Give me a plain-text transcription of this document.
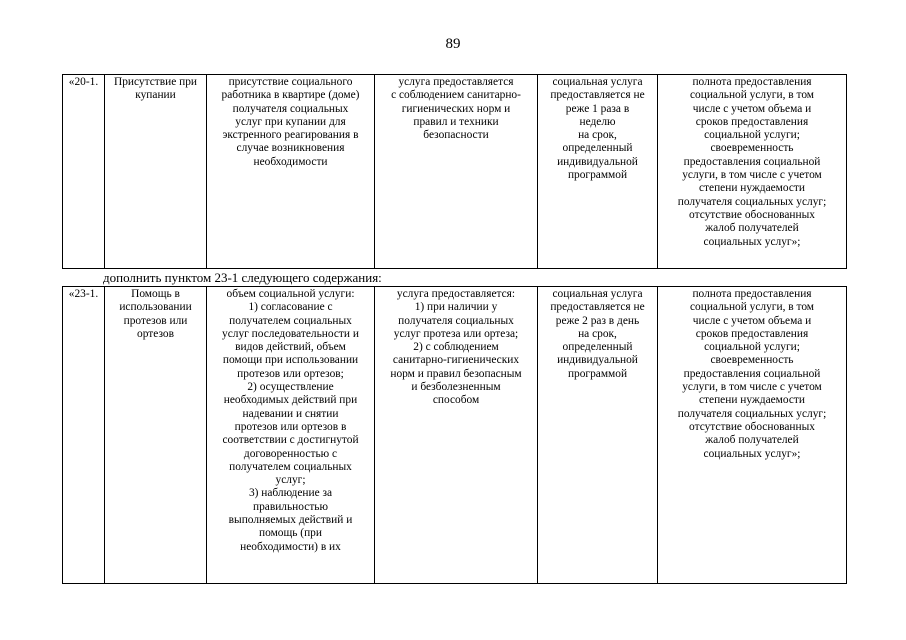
89
«20-1.	Присутствие при
купании

присутствие социального
работника в квартире (доме)
получателя социальных
услуг при купании для
экстренного реагирования в
случае возникновения
необходимости

услуга предоставляется
с соблюдением санитарно-
гигиенических норм и
правил и техники
безопасности

социальная услуга
предоставляется не
реже 1 раза в
неделю
на срок,
определенный
индивидуальной
программой

полнота предоставления
социальной услуги, в том
числе с учетом объема и
сроков предоставления
социальной услуги;
своевременность
предоставления социальной
услуги, в том числе с учетом
степени нуждаемости
получателя социальных услуг;
отсутствие обоснованных
жалоб получателей
социальных услуг»;
дополнить пунктом 23-1 следующего содержания:
«23-1.	Помощь в
использовании
протезов или
ортезов

объем социальной услуги:
1) согласование с
получателем социальных
услуг последовательности и
видов действий, объем
помощи при использовании
протезов или ортезов;
2) осуществление
необходимых действий при
надевании и снятии
протезов или ортезов в
соответствии с достигнутой
договоренностью с
получателем социальных
услуг;
3) наблюдение за
правильностью
выполняемых действий и
помощь (при
необходимости) в их

услуга предоставляется:
1) при наличии у
получателя социальных
услуг протеза или ортеза;
2) с соблюдением
санитарно-гигиенических
норм и правил безопасным
и безболезненным
способом

социальная услуга
предоставляется не
реже 2 раз в день
на срок,
определенный
индивидуальной
программой

полнота предоставления
социальной услуги, в том
числе с учетом объема и
сроков предоставления
социальной услуги;
своевременность
предоставления социальной
услуги, в том числе с учетом
степени нуждаемости
получателя социальных услуг;
отсутствие обоснованных
жалоб получателей
социальных услуг»;
